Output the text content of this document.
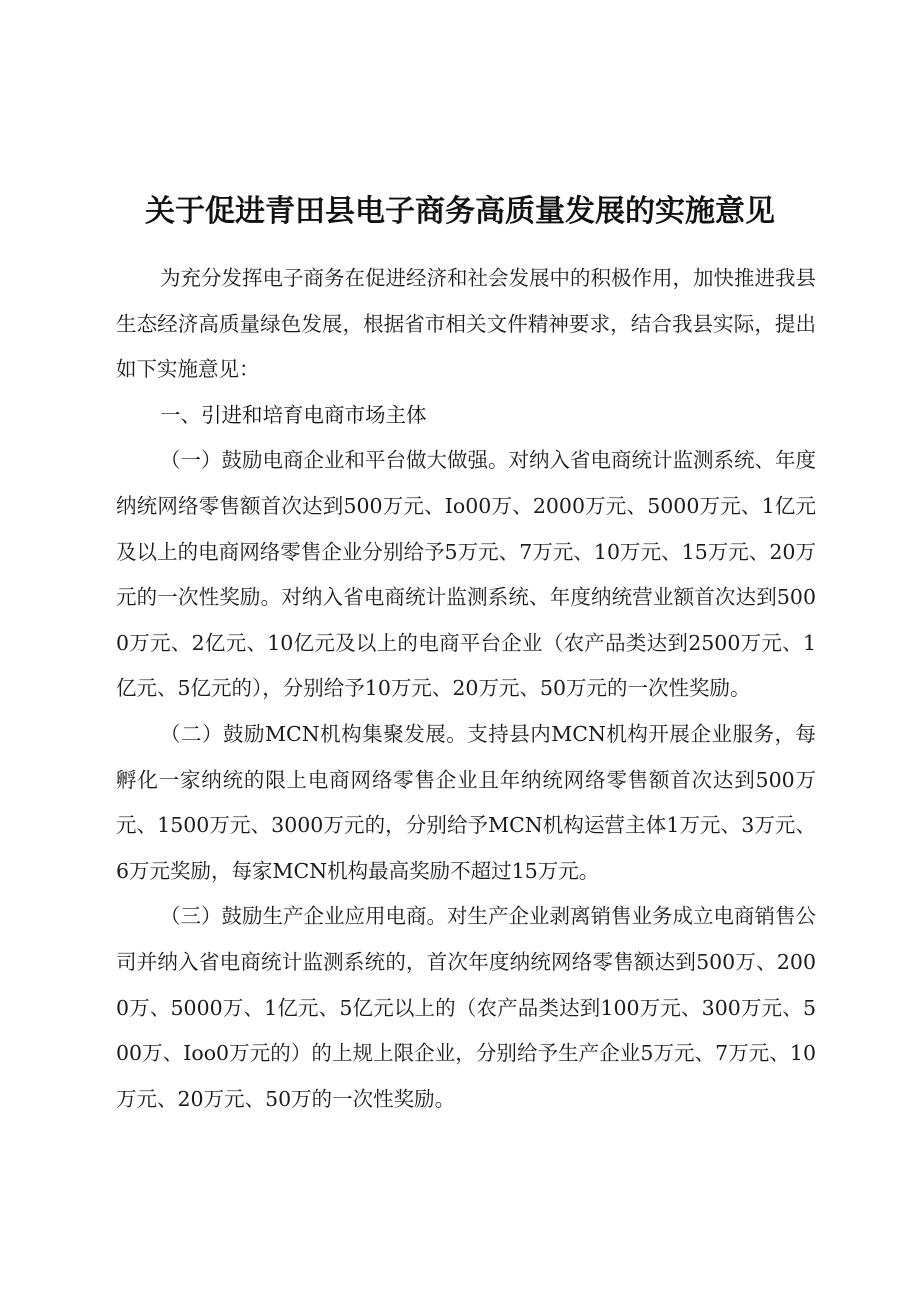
关于促进青田县电子商务高质量发展的实施意见

为充分发挥电子商务在促进经济和社会发展中的积极作用，加快推进我县生态经济高质量绿色发展，根据省市相关文件精神要求，结合我县实际，提出如下实施意见：

一、引进和培育电商市场主体

（一）鼓励电商企业和平台做大做强。对纳入省电商统计监测系统、年度纳统网络零售额首次达到500万元、Io00万、2000万元、5000万元、1亿元及以上的电商网络零售企业分别给予5万元、7万元、10万元、15万元、20万元的一次性奖励。对纳入省电商统计监测系统、年度纳统营业额首次达到5000万元、2亿元、10亿元及以上的电商平台企业（农产品类达到2500万元、1亿元、5亿元的），分别给予10万元、20万元、50万元的一次性奖励。

（二）鼓励MCN机构集聚发展。支持县内MCN机构开展企业服务，每孵化一家纳统的限上电商网络零售企业且年纳统网络零售额首次达到500万元、1500万元、3000万元的，分别给予MCN机构运营主体1万元、3万元、6万元奖励，每家MCN机构最高奖励不超过15万元。

（三）鼓励生产企业应用电商。对生产企业剥离销售业务成立电商销售公司并纳入省电商统计监测系统的，首次年度纳统网络零售额达到500万、2000万、5000万、1亿元、5亿元以上的（农产品类达到100万元、300万元、500万、Ioo0万元的）的上规上限企业，分别给予生产企业5万元、7万元、10万元、20万元、50万的一次性奖励。
